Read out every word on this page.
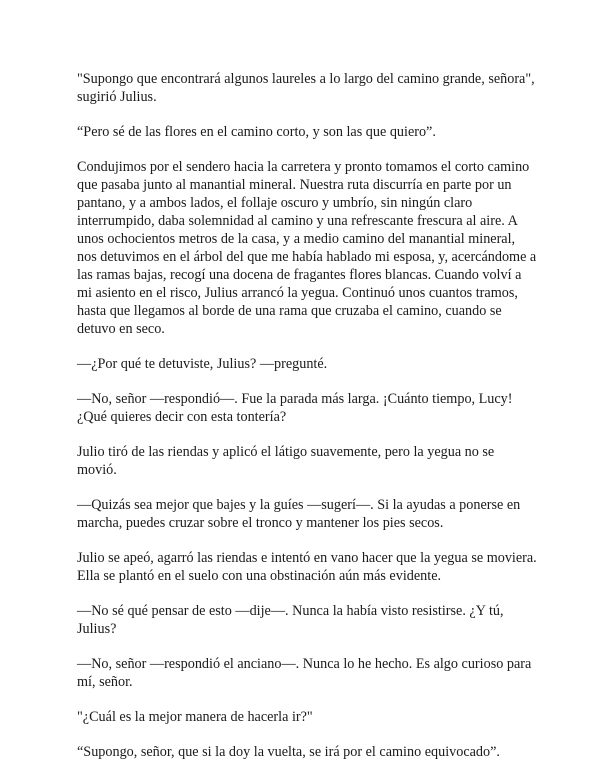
"Supongo que encontrará algunos laureles a lo largo del camino grande, señora", sugirió Julius.

“Pero sé de las flores en el camino corto, y son las que quiero”.

Condujimos por el sendero hacia la carretera y pronto tomamos el corto camino que pasaba junto al manantial mineral. Nuestra ruta discurría en parte por un pantano, y a ambos lados, el follaje oscuro y umbrío, sin ningún claro interrumpido, daba solemnidad al camino y una refrescante frescura al aire. A unos ochocientos metros de la casa, y a medio camino del manantial mineral, nos detuvimos en el árbol del que me había hablado mi esposa, y, acercándome a las ramas bajas, recogí una docena de fragantes flores blancas. Cuando volví a mi asiento en el risco, Julius arrancó la yegua. Continuó unos cuantos tramos, hasta que llegamos al borde de una rama que cruzaba el camino, cuando se detuvo en seco.

—¿Por qué te detuviste, Julius? —pregunté.

—No, señor —respondió—. Fue la parada más larga. ¡Cuánto tiempo, Lucy! ¿Qué quieres decir con esta tontería?

Julio tiró de las riendas y aplicó el látigo suavemente, pero la yegua no se movió.

—Quizás sea mejor que bajes y la guíes —sugerí—. Si la ayudas a ponerse en marcha, puedes cruzar sobre el tronco y mantener los pies secos.

Julio se apeó, agarró las riendas e intentó en vano hacer que la yegua se moviera. Ella se plantó en el suelo con una obstinación aún más evidente.

—No sé qué pensar de esto —dije—. Nunca la había visto resistirse. ¿Y tú, Julius?

—No, señor —respondió el anciano—. Nunca lo he hecho. Es algo curioso para mí, señor.

"¿Cuál es la mejor manera de hacerla ir?"

“Supongo, señor, que si la doy la vuelta, se irá por el camino equivocado”.
